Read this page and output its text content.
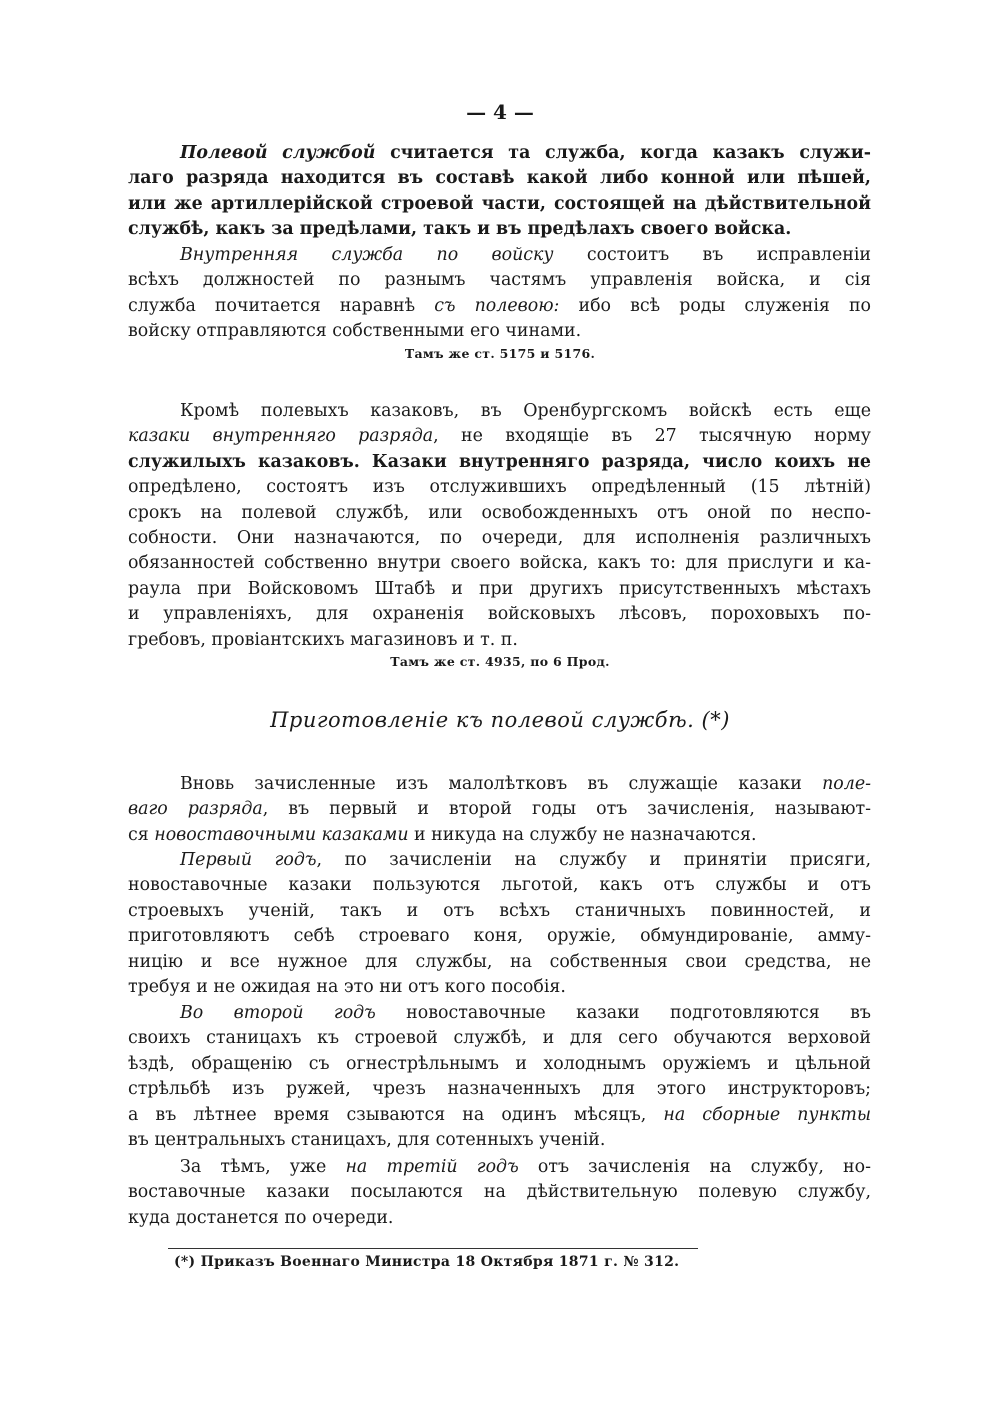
— 4 —
Полевой службой считается та служба, когда казакъ служи-
лаго разряда находится въ составѣ какой либо конной или пѣшей,
или же артиллерійской строевой части, состоящей на дѣйствительной
службѣ, какъ за предѣлами, такъ и въ предѣлахъ своего войска.
Внутренняя служба по войску состоитъ въ исправленіи
всѣхъ должностей по разнымъ частямъ управленія войска, и сія
служба почитается наравнѣ съ полевою: ибо всѣ роды служенія по
войску отправляются собственными его чинами.
Тамъ же ст. 5175 и 5176.
Кромѣ полевыхъ казаковъ, въ Оренбургскомъ войскѣ есть еще
казаки внутренняго разряда, не входящіе въ 27 тысячную норму
служилыхъ казаковъ. Казаки внутренняго разряда, число коихъ не
опредѣлено, состоятъ изъ отслужившихъ опредѣленный (15 лѣтній)
срокъ на полевой службѣ, или освобожденныхъ отъ оной по неспо-
собности. Они назначаются, по очереди, для исполненія различныхъ
обязанностей собственно внутри своего войска, какъ то: для прислуги и ка-
раула при Войсковомъ Штабѣ и при другихъ присутственныхъ мѣстахъ
и управленіяхъ, для охраненія войсковыхъ лѣсовъ, пороховыхъ по-
гребовъ, провіантскихъ магазиновъ и т. п.
Тамъ же ст. 4935, по 6 Прод.
Приготовленіе къ полевой службѣ. (*)
Вновь зачисленные изъ малолѣтковъ въ служащіе казаки поле-
ваго разряда, въ первый и второй годы отъ зачисленія, называют-
ся новоставочными казаками и никуда на службу не назначаются.
Первый годъ, по зачисленіи на службу и принятіи присяги,
новоставочные казаки пользуются льготой, какъ отъ службы и отъ
строевыхъ ученій, такъ и отъ всѣхъ станичныхъ повинностей, и
приготовляютъ себѣ строеваго коня, оружіе, обмундированіе, амму-
ницію и все нужное для службы, на собственныя свои средства, не
требуя и не ожидая на это ни отъ кого пособія.
Во второй годъ новоставочные казаки подготовляются въ
своихъ станицахъ къ строевой службѣ, и для сего обучаются верховой
ѣздѣ, обращенію съ огнестрѣльнымъ и холоднымъ оружіемъ и цѣльной
стрѣльбѣ изъ ружей, чрезъ назначенныхъ для этого инструкторовъ;
а въ лѣтнее время сзываются на одинъ мѣсяцъ, на сборные пункты
въ центральныхъ станицахъ, для сотенныхъ ученій.
За тѣмъ, уже на третій годъ отъ зачисленія на службу, но-
воставочные казаки посылаются на дѣйствительную полевую службу,
куда достанется по очереди.
(*) Приказъ Военнаго Министра 18 Октября 1871 г. № 312.
